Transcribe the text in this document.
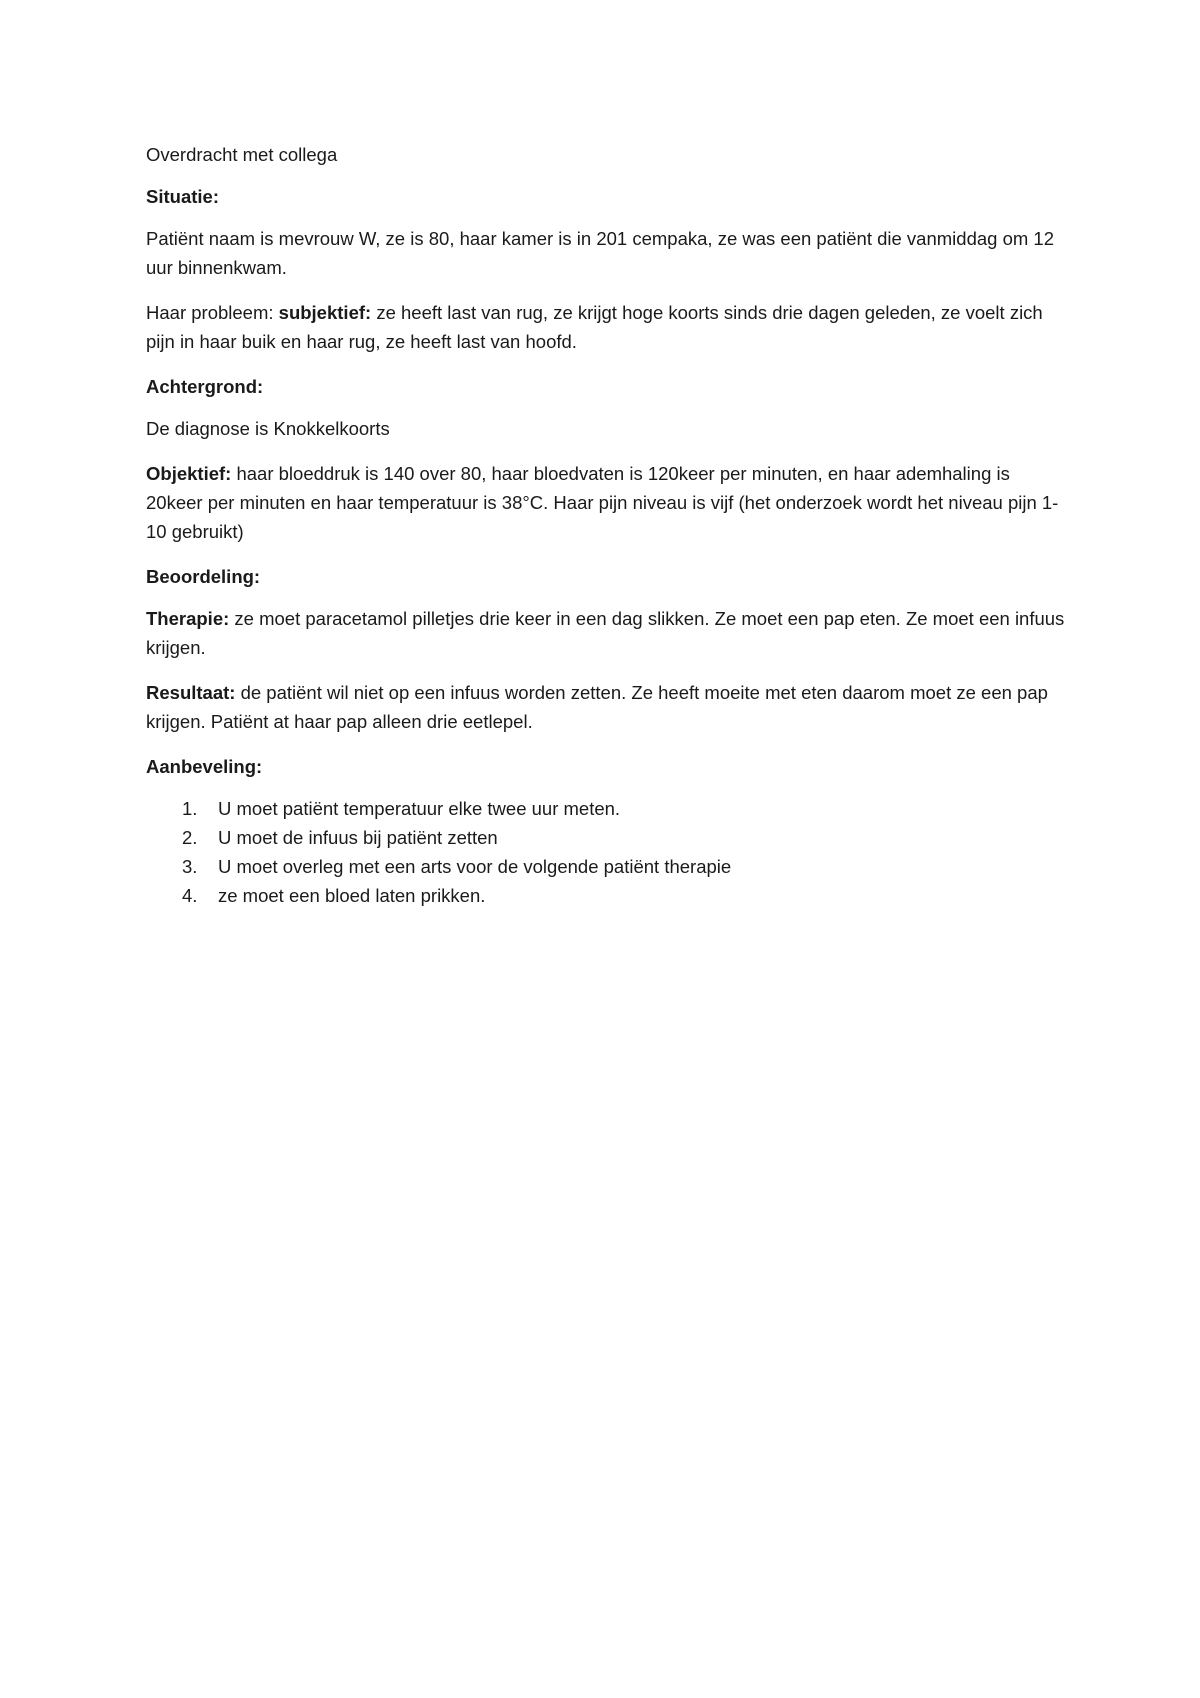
Overdracht met collega

Situatie:

Patiënt naam is mevrouw W, ze is 80, haar kamer is in 201 cempaka, ze was een patiënt die vanmiddag om 12 uur binnenkwam.

Haar probleem: subjektief: ze heeft last van rug, ze krijgt hoge koorts sinds drie dagen geleden, ze voelt zich pijn in haar buik en haar rug, ze heeft last van hoofd.

Achtergrond:

De diagnose is Knokkelkoorts

Objektief: haar bloeddruk is 140 over 80, haar bloedvaten is 120keer per minuten, en haar ademhaling is 20keer per minuten en haar temperatuur is 38°C. Haar pijn niveau is vijf (het onderzoek wordt het niveau pijn 1-10 gebruikt)

Beoordeling:

Therapie: ze moet paracetamol pilletjes drie keer in een dag slikken. Ze moet een pap eten. Ze moet een infuus krijgen.

Resultaat: de patiënt wil niet op een infuus worden zetten. Ze heeft moeite met eten daarom moet ze een pap krijgen. Patiënt at haar pap alleen drie eetlepel.

Aanbeveling:

1.	U moet patiënt temperatuur elke twee uur meten.
2.	U moet de infuus bij patiënt zetten
3.	U moet overleg met een arts voor de volgende patiënt therapie
4.	ze moet een bloed laten prikken.
